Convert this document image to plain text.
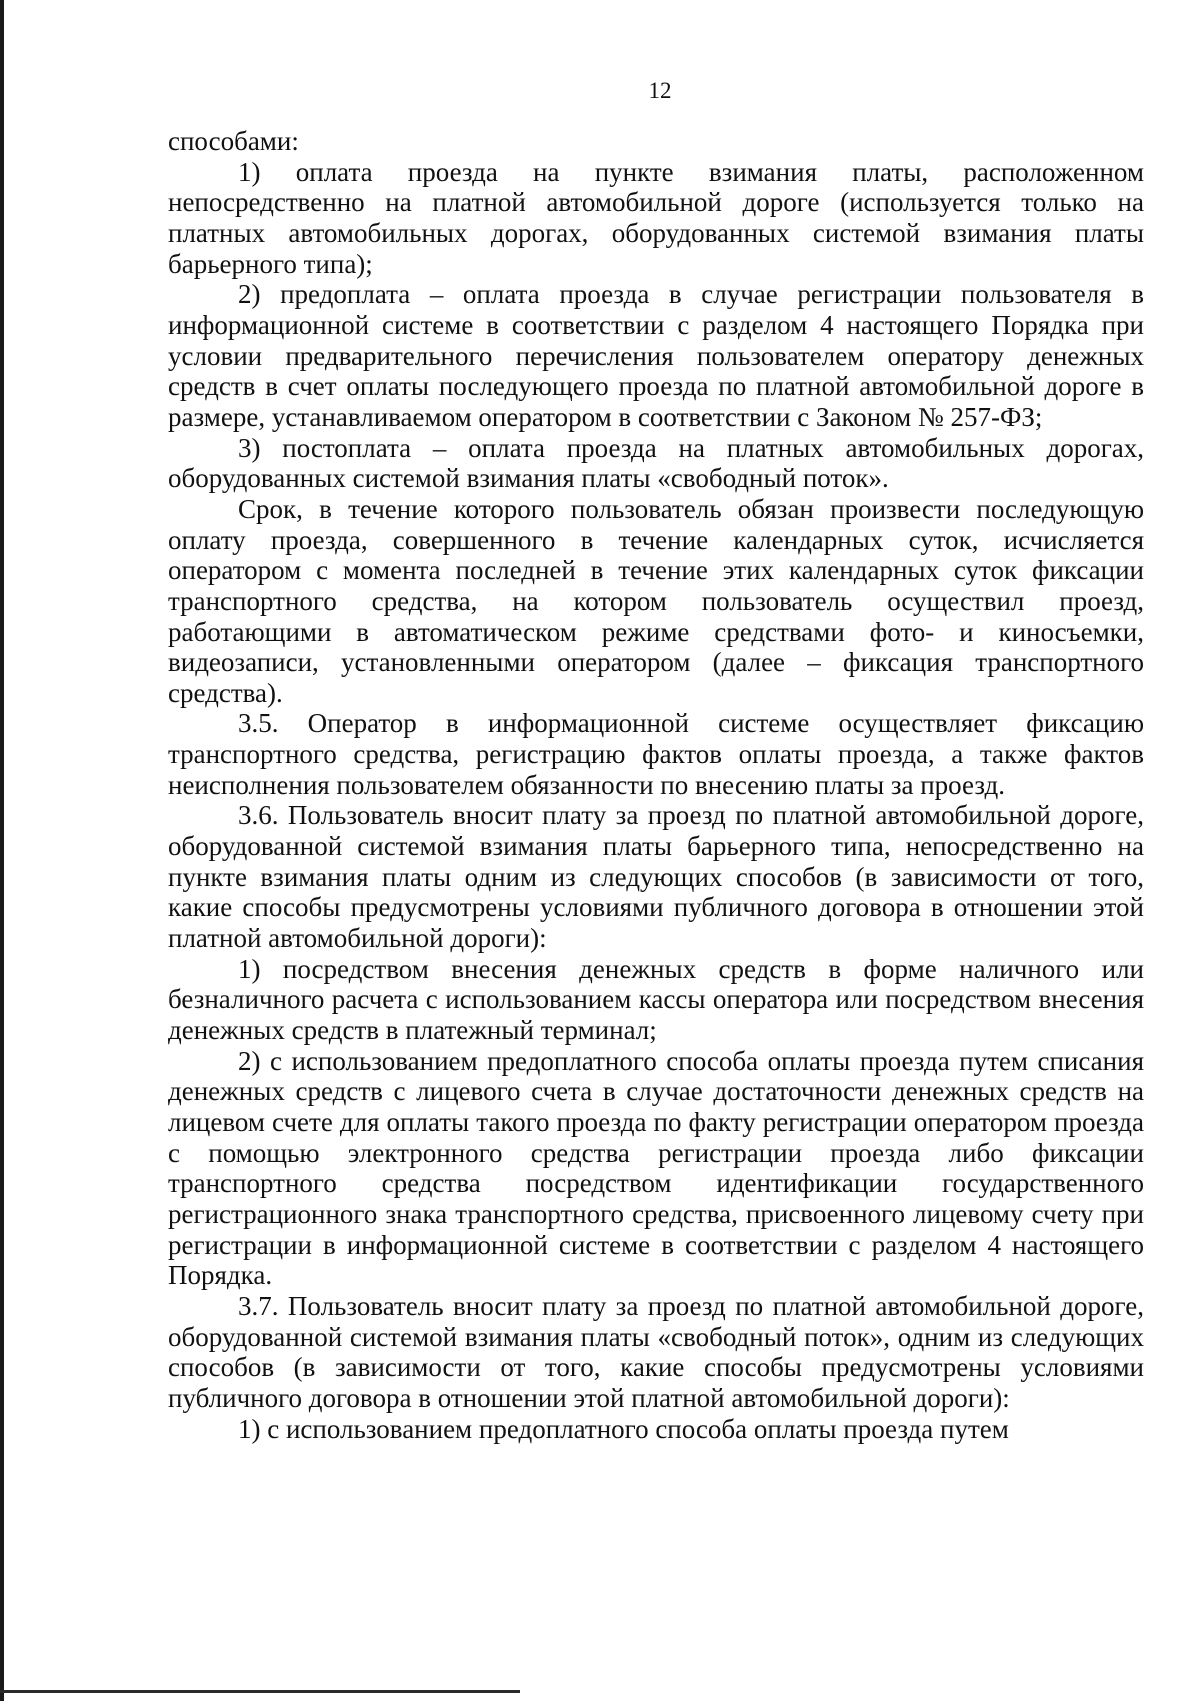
12

способами:

1) оплата проезда на пункте взимания платы, расположенном непосредственно на платной автомобильной дороге (используется только на платных автомобильных дорогах, оборудованных системой взимания платы барьерного типа);

2) предоплата – оплата проезда в случае регистрации пользователя в информационной системе в соответствии с разделом 4 настоящего Порядка при условии предварительного перечисления пользователем оператору денежных средств в счет оплаты последующего проезда по платной автомобильной дороге в размере, устанавливаемом оператором в соответствии с Законом № 257-ФЗ;

3) постоплата – оплата проезда на платных автомобильных дорогах, оборудованных системой взимания платы «свободный поток».

Срок, в течение которого пользователь обязан произвести последующую оплату проезда, совершенного в течение календарных суток, исчисляется оператором с момента последней в течение этих календарных суток фиксации транспортного средства, на котором пользователь осуществил проезд, работающими в автоматическом режиме средствами фото- и киносъемки, видеозаписи, установленными оператором (далее – фиксация транспортного средства).

3.5. Оператор в информационной системе осуществляет фиксацию транспортного средства, регистрацию фактов оплаты проезда, а также фактов неисполнения пользователем обязанности по внесению платы за проезд.

3.6. Пользователь вносит плату за проезд по платной автомобильной дороге, оборудованной системой взимания платы барьерного типа, непосредственно на пункте взимания платы одним из следующих способов (в зависимости от того, какие способы предусмотрены условиями публичного договора в отношении этой платной автомобильной дороги):

1) посредством внесения денежных средств в форме наличного или безналичного расчета с использованием кассы оператора или посредством внесения денежных средств в платежный терминал;

2) с использованием предоплатного способа оплаты проезда путем списания денежных средств с лицевого счета в случае достаточности денежных средств на лицевом счете для оплаты такого проезда по факту регистрации оператором проезда с помощью электронного средства регистрации проезда либо фиксации транспортного средства посредством идентификации государственного регистрационного знака транспортного средства, присвоенного лицевому счету при регистрации в информационной системе в соответствии с разделом 4 настоящего Порядка.

3.7. Пользователь вносит плату за проезд по платной автомобильной дороге, оборудованной системой взимания платы «свободный поток», одним из следующих способов (в зависимости от того, какие способы предусмотрены условиями публичного договора в отношении этой платной автомобильной дороги):

1) с использованием предоплатного способа оплаты проезда путем
